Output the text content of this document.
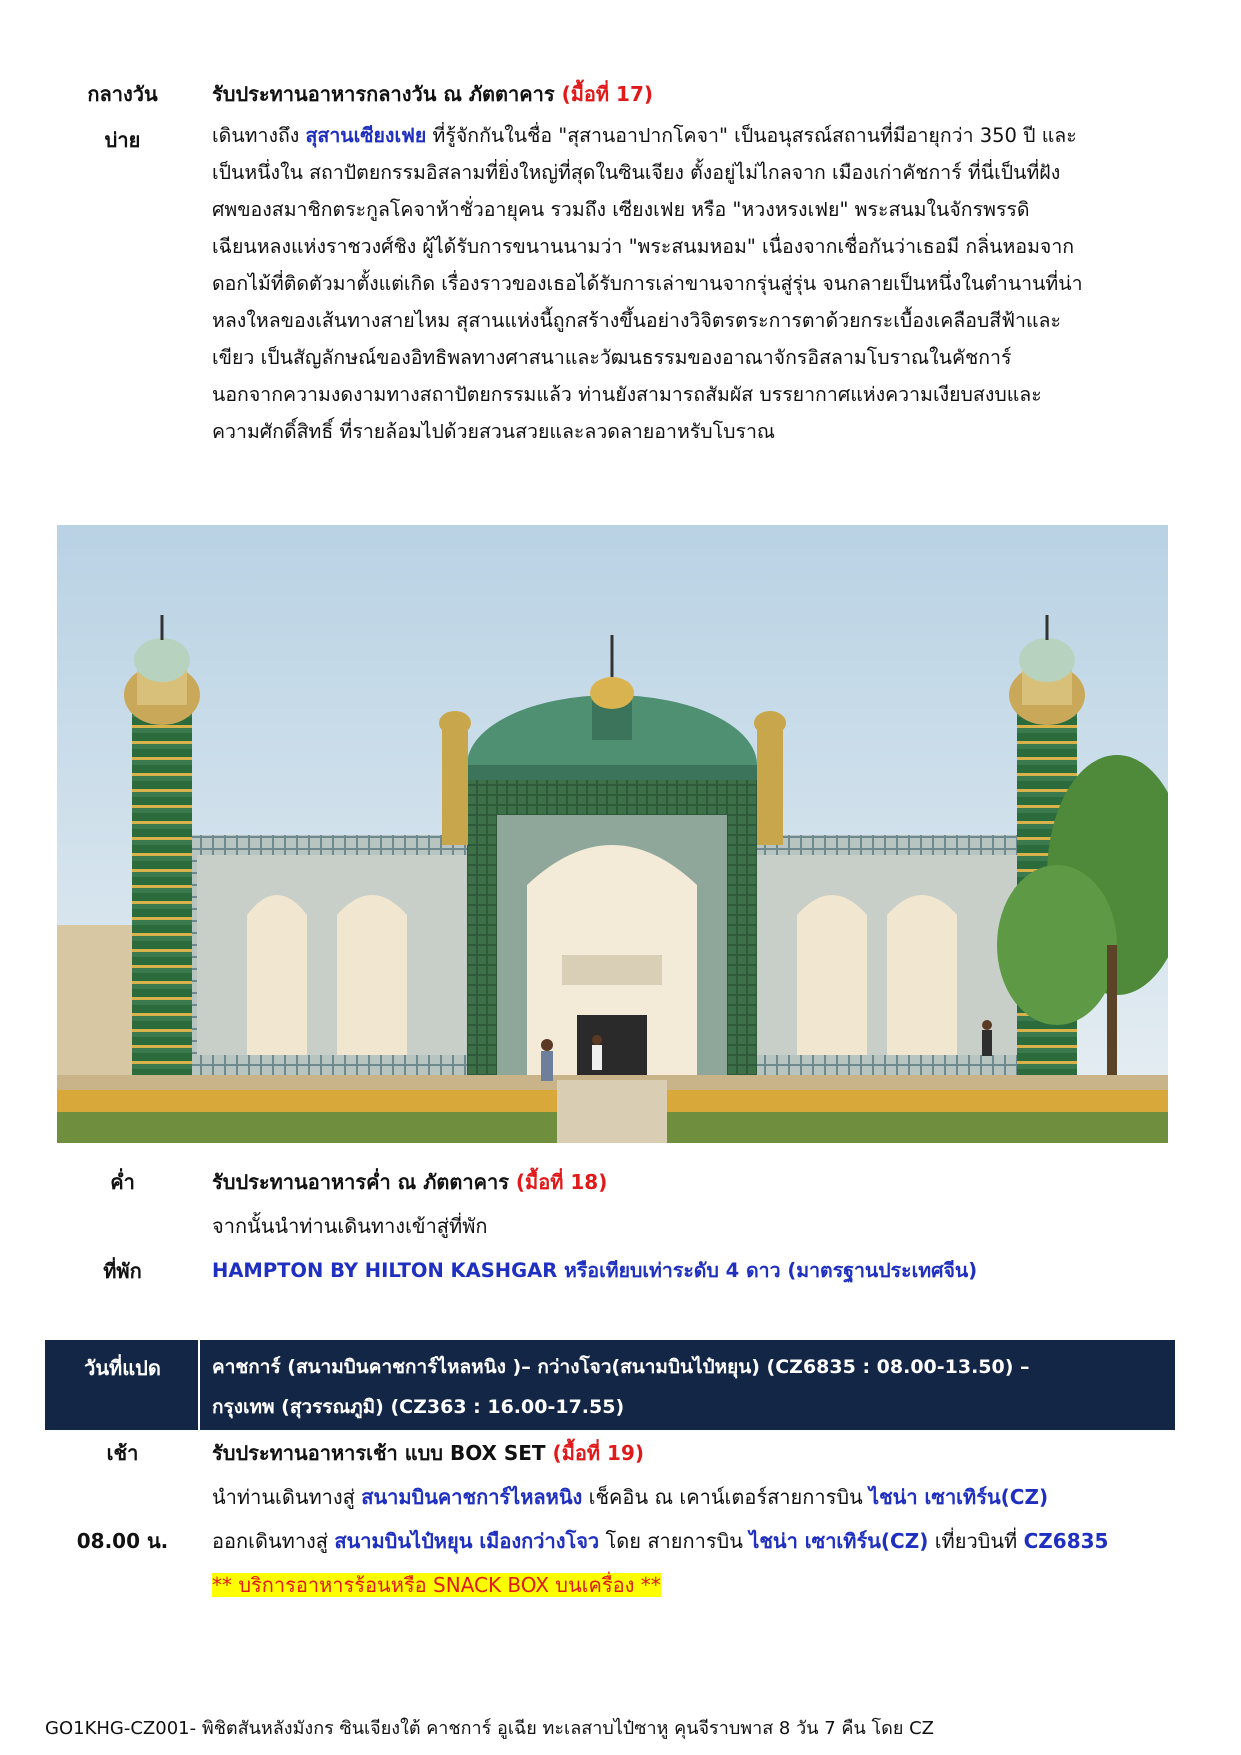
กลางวัน	รับประทานอาหารกลางวัน ณ ภัตตาคาร (มื้อที่ 17)
บ่าย	เดินทางถึง สุสานเซียงเฟย ที่รู้จักกันในชื่อ "สุสานอาปากโคจา" เป็นอนุสรณ์สถานที่มีอายุกว่า 350 ปี และ
เป็นหนึ่งใน สถาปัตยกรรมอิสลามที่ยิ่งใหญ่ที่สุดในซินเจียง ตั้งอยู่ไม่ไกลจาก เมืองเก่าคัชการ์ ที่นี่เป็นที่ฝัง
ศพของสมาชิกตระกูลโคจาห้าชั่วอายุคน รวมถึง เซียงเฟย หรือ "หวงหรงเฟย" พระสนมในจักรพรรดิ
เฉียนหลงแห่งราชวงศ์ชิง ผู้ได้รับการขนานนามว่า "พระสนมหอม" เนื่องจากเชื่อกันว่าเธอมี กลิ่นหอมจาก
ดอกไม้ที่ติดตัวมาตั้งแต่เกิด เรื่องราวของเธอได้รับการเล่าขานจากรุ่นสู่รุ่น จนกลายเป็นหนึ่งในตำนานที่น่า
หลงใหลของเส้นทางสายไหม สุสานแห่งนี้ถูกสร้างขึ้นอย่างวิจิตรตระการตาด้วยกระเบื้องเคลือบสีฟ้าและ
เขียว เป็นสัญลักษณ์ของอิทธิพลทางศาสนาและวัฒนธรรมของอาณาจักรอิสลามโบราณในคัชการ์
นอกจากความงดงามทางสถาปัตยกรรมแล้ว ท่านยังสามารถสัมผัส บรรยากาศแห่งความเงียบสงบและ
ความศักดิ์สิทธิ์ ที่รายล้อมไปด้วยสวนสวยและลวดลายอาหรับโบราณ
ค่ำ	รับประทานอาหารค่ำ ณ ภัตตาคาร (มื้อที่ 18)
จากนั้นนำท่านเดินทางเข้าสู่ที่พัก
ที่พัก	HAMPTON BY HILTON KASHGAR หรือเทียบเท่าระดับ 4 ดาว (มาตรฐานประเทศจีน)
วันที่แปด	คาชการ์ (สนามบินคาชการ์ไหลหนิง )– กว่างโจว(สนามบินไป๋หยุน) (CZ6835 : 08.00-13.50) –
กรุงเทพ (สุวรรณภูมิ) (CZ363 : 16.00-17.55)
เช้า	รับประทานอาหารเช้า แบบ BOX SET (มื้อที่ 19)
นำท่านเดินทางสู่ สนามบินคาชการ์ไหลหนิง เช็คอิน ณ เคาน์เตอร์สายการบิน ไชน่า เซาเทิร์น(CZ)
08.00 น.	ออกเดินทางสู่ สนามบินไป๋หยุน เมืองกว่างโจว โดย สายการบิน ไชน่า เซาเทิร์น(CZ) เที่ยวบินที่ CZ6835
** บริการอาหารร้อนหรือ SNACK BOX บนเครื่อง **
GO1KHG-CZ001- พิชิตสันหลังมังกร ซินเจียงใต้ คาชการ์ อูเฉีย ทะเลสาบไป๋ซาหู คุนจีราบพาส 8 วัน 7 คืน โดย CZ
